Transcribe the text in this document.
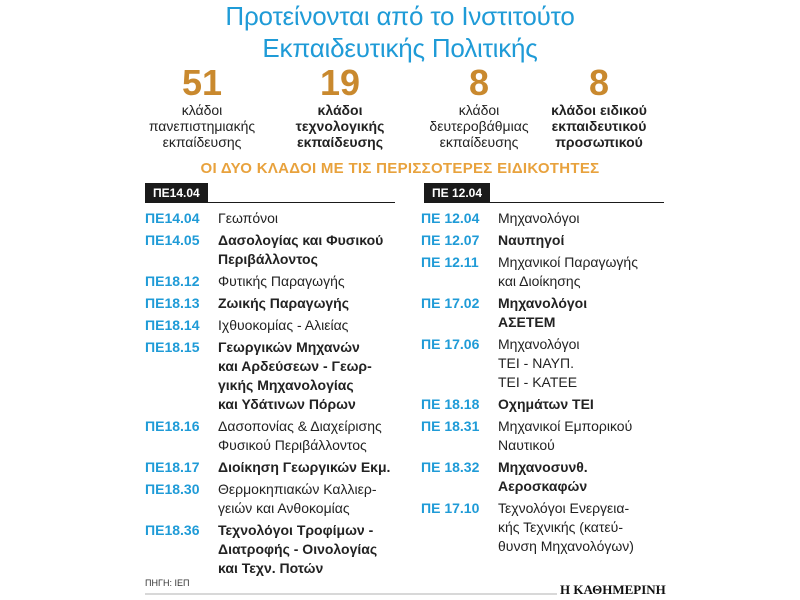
Προτείνονται από το Ινστιτούτο
Εκπαιδευτικής Πολιτικής
51
κλάδοι
πανεπιστημιακής
εκπαίδευσης
19
κλάδοι
τεχνολογικής
εκπαίδευσης
8
κλάδοι
δευτεροβάθμιας
εκπαίδευσης
8
κλάδοι ειδικού
εκπαιδευτικού
προσωπικού
ΟΙ ΔΥΟ ΚΛΑΔΟΙ ΜΕ ΤΙΣ ΠΕΡΙΣΣΟΤΕΡΕΣ ΕΙΔΙΚΟΤΗΤΕΣ
ΠΕ14.04	ΠΕ 12.04
ΠΕ14.04	Γεωπόνοι
ΠΕ14.05	Δασολογίας και Φυσικού
Περιβάλλοντος
ΠΕ18.12	Φυτικής Παραγωγής
ΠΕ18.13	Ζωικής Παραγωγής
ΠΕ18.14	Ιχθυοκομίας - Αλιείας
ΠΕ18.15	Γεωργικών Μηχανών
και Αρδεύσεων - Γεωρ-
γικής Μηχανολογίας
και Υδάτινων Πόρων
ΠΕ18.16	Δασοπονίας & Διαχείρισης
Φυσικού Περιβάλλοντος
ΠΕ18.17	Διοίκηση Γεωργικών Εκμ.
ΠΕ18.30	Θερμοκηπιακών Καλλιερ-
γειών και Ανθοκομίας
ΠΕ18.36	Τεχνολόγοι Τροφίμων -
Διατροφής - Οινολογίας
και Τεχν. Ποτών
ΠΕ 12.04	Μηχανολόγοι
ΠΕ 12.07	Ναυπηγοί
ΠΕ 12.11	Μηχανικοί Παραγωγής
και Διοίκησης
ΠΕ 17.02	Μηχανολόγοι
ΑΣΕΤΕΜ
ΠΕ 17.06	Μηχανολόγοι
ΤΕΙ - ΝΑΥΠ.
ΤΕΙ - ΚΑΤΕΕ
ΠΕ 18.18	Οχημάτων ΤΕΙ
ΠΕ 18.31	Μηχανικοί Εμπορικού
Ναυτικού
ΠΕ 18.32	Μηχανοσυνθ.
Αεροσκαφών
ΠΕ 17.10	Τεχνολόγοι Ενεργεια-
κής Τεχνικής (κατεύ-
θυνση Μηχανολόγων)
ΠΗΓΗ: ΙΕΠ	Η ΚΑΘΗΜΕΡΙΝΗ
